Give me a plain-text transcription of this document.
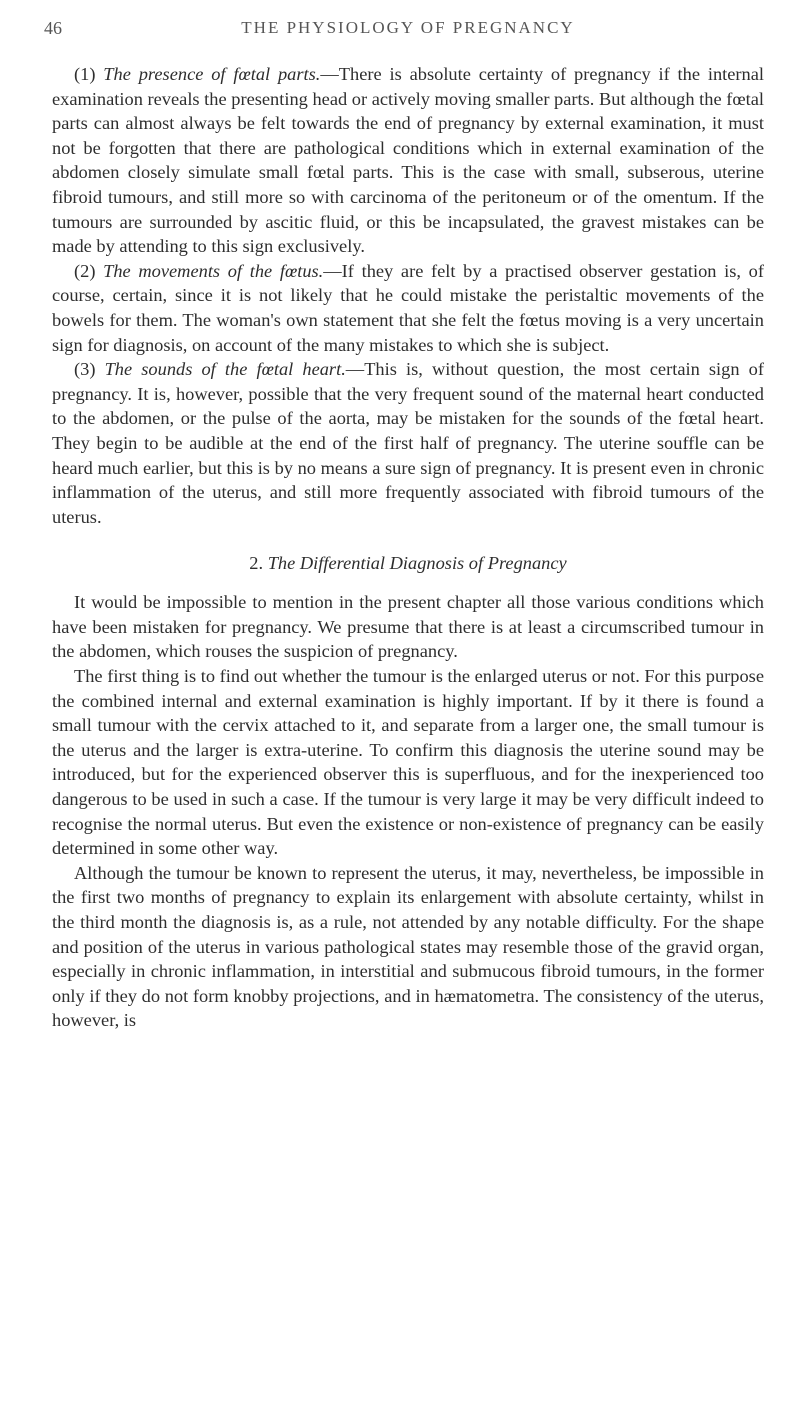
46	THE PHYSIOLOGY OF PREGNANCY

(1) The presence of fœtal parts.—There is absolute certainty of pregnancy if the internal examination reveals the presenting head or actively moving smaller parts. But although the fœtal parts can almost always be felt towards the end of pregnancy by external examination, it must not be forgotten that there are pathological conditions which in external examination of the abdomen closely simulate small fœtal parts. This is the case with small, subserous, uterine fibroid tumours, and still more so with carcinoma of the peritoneum or of the omentum. If the tumours are surrounded by ascitic fluid, or this be incapsulated, the gravest mistakes can be made by attending to this sign exclusively.

(2) The movements of the fœtus.—If they are felt by a practised observer gestation is, of course, certain, since it is not likely that he could mistake the peristaltic movements of the bowels for them. The woman's own statement that she felt the fœtus moving is a very uncertain sign for diagnosis, on account of the many mistakes to which she is subject.

(3) The sounds of the fœtal heart.—This is, without question, the most certain sign of pregnancy. It is, however, possible that the very frequent sound of the maternal heart conducted to the abdomen, or the pulse of the aorta, may be mistaken for the sounds of the fœtal heart. They begin to be audible at the end of the first half of pregnancy. The uterine souffle can be heard much earlier, but this is by no means a sure sign of pregnancy. It is present even in chronic inflammation of the uterus, and still more frequently associated with fibroid tumours of the uterus.

2. The Differential Diagnosis of Pregnancy

It would be impossible to mention in the present chapter all those various conditions which have been mistaken for pregnancy. We presume that there is at least a circumscribed tumour in the abdomen, which rouses the suspicion of pregnancy.

The first thing is to find out whether the tumour is the enlarged uterus or not. For this purpose the combined internal and external examination is highly important. If by it there is found a small tumour with the cervix attached to it, and separate from a larger one, the small tumour is the uterus and the larger is extra-uterine. To confirm this diagnosis the uterine sound may be introduced, but for the experienced observer this is superfluous, and for the inexperienced too dangerous to be used in such a case. If the tumour is very large it may be very difficult indeed to recognise the normal uterus. But even the existence or non-existence of pregnancy can be easily determined in some other way.

Although the tumour be known to represent the uterus, it may, nevertheless, be impossible in the first two months of pregnancy to explain its enlargement with absolute certainty, whilst in the third month the diagnosis is, as a rule, not attended by any notable difficulty. For the shape and position of the uterus in various pathological states may resemble those of the gravid organ, especially in chronic inflammation, in interstitial and submucous fibroid tumours, in the former only if they do not form knobby projections, and in hæmatometra. The consistency of the uterus, however, is
